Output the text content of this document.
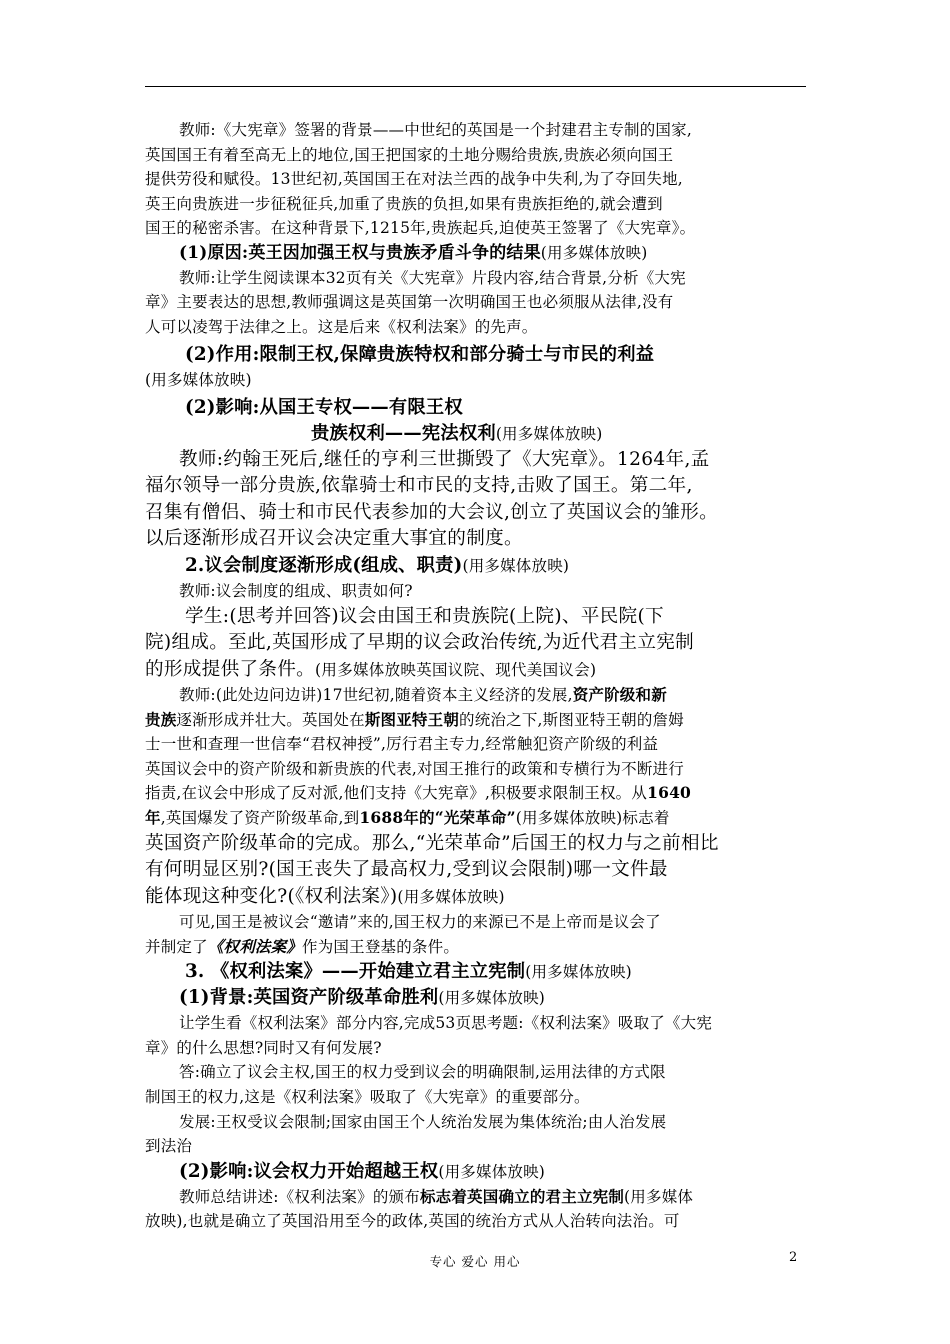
教师:《大宪章》签署的背景——中世纪的英国是一个封建君主专制的国家,

英国国王有着至高无上的地位,国王把国家的土地分赐给贵族,贵族必须向国王

提供劳役和赋役。13世纪初,英国国王在对法兰西的战争中失利,为了夺回失地,

英王向贵族进一步征税征兵,加重了贵族的负担,如果有贵族拒绝的,就会遭到

国王的秘密杀害。在这种背景下,1215年,贵族起兵,迫使英王签署了《大宪章》。

(1)原因:英王因加强王权与贵族矛盾斗争的结果(用多媒体放映)

教师:让学生阅读课本32页有关《大宪章》片段内容,结合背景,分析《大宪

章》主要表达的思想,教师强调这是英国第一次明确国王也必须服从法律,没有

人可以凌驾于法律之上。这是后来《权利法案》的先声。

(2)作用:限制王权,保障贵族特权和部分骑士与市民的利益

(用多媒体放映)

(2)影响:从国王专权——有限王权

贵族权利——宪法权利(用多媒体放映)

教师:约翰王死后,继任的亨利三世撕毁了《大宪章》。1264年,孟

福尔领导一部分贵族,依靠骑士和市民的支持,击败了国王。第二年,

召集有僧侣、骑士和市民代表参加的大会议,创立了英国议会的雏形。

以后逐渐形成召开议会决定重大事宜的制度。

2.议会制度逐渐形成(组成、职责)(用多媒体放映)

教师:议会制度的组成、职责如何?

学生:(思考并回答)议会由国王和贵族院(上院)、平民院(下

院)组成。至此,英国形成了早期的议会政治传统,为近代君主立宪制

的形成提供了条件。(用多媒体放映英国议院、现代美国议会)

教师:(此处边问边讲)17世纪初,随着资本主义经济的发展,资产阶级和新

贵族逐渐形成并壮大。英国处在斯图亚特王朝的统治之下,斯图亚特王朝的詹姆

士一世和查理一世信奉“君权神授”,厉行君主专力,经常触犯资产阶级的利益

英国议会中的资产阶级和新贵族的代表,对国王推行的政策和专横行为不断进行

指责,在议会中形成了反对派,他们支持《大宪章》,积极要求限制王权。从1640

年,英国爆发了资产阶级革命,到1688年的“光荣革命”(用多媒体放映)标志着

英国资产阶级革命的完成。那么,“光荣革命”后国王的权力与之前相比

有何明显区别?(国王丧失了最高权力,受到议会限制)哪一文件最

能体现这种变化?(《权利法案》)(用多媒体放映)

可见,国王是被议会“邀请”来的,国王权力的来源已不是上帝而是议会了

并制定了《权利法案》作为国王登基的条件。

3. 《权利法案》——开始建立君主立宪制(用多媒体放映)

(1)背景:英国资产阶级革命胜利(用多媒体放映)

让学生看《权利法案》部分内容,完成53页思考题:《权利法案》吸取了《大宪

章》的什么思想?同时又有何发展?

答:确立了议会主权,国王的权力受到议会的明确限制,运用法律的方式限

制国王的权力,这是《权利法案》吸取了《大宪章》的重要部分。

发展:王权受议会限制;国家由国王个人统治发展为集体统治;由人治发展

到法治

(2)影响:议会权力开始超越王权(用多媒体放映)

教师总结讲述:《权利法案》的颁布标志着英国确立的君主立宪制(用多媒体

放映),也就是确立了英国沿用至今的政体,英国的统治方式从人治转向法治。可

专心 爱心 用心	2
